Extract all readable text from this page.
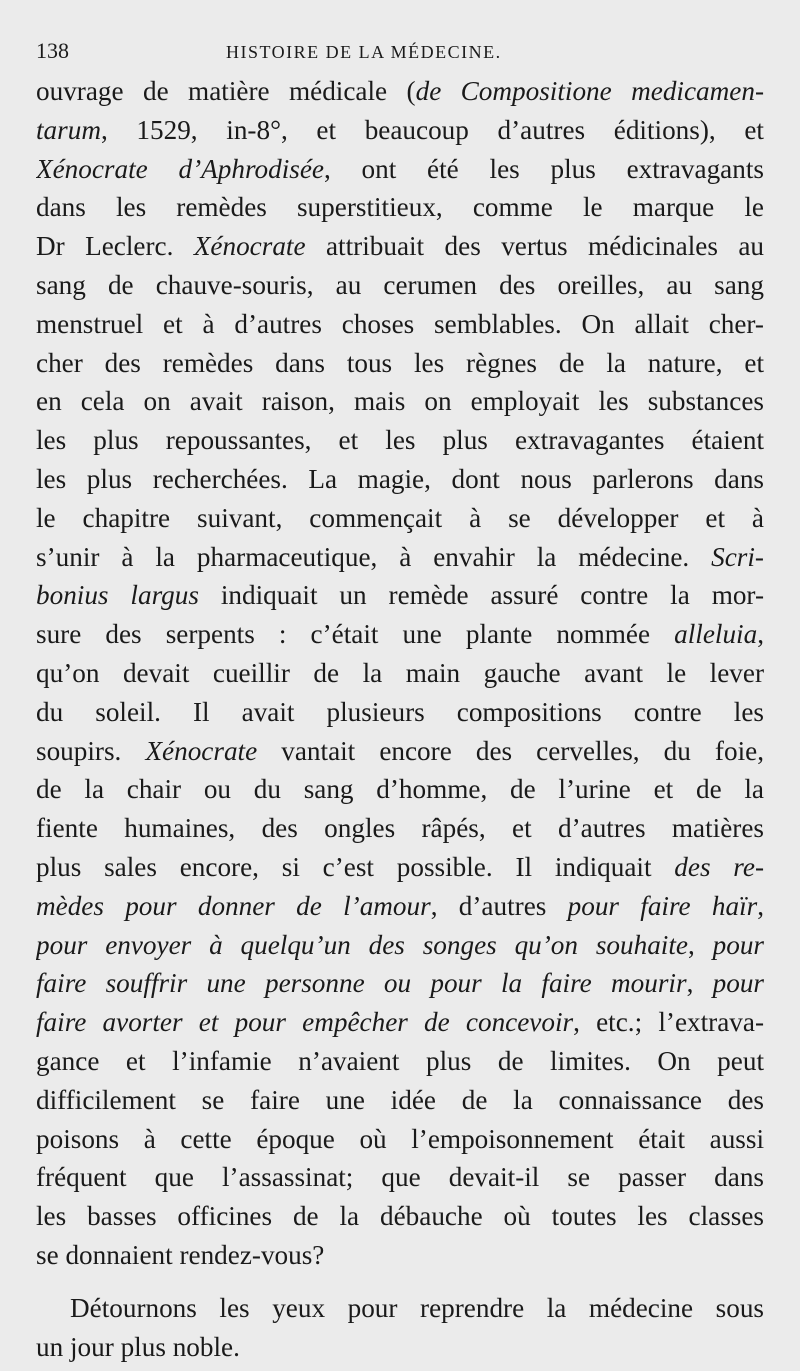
138	HISTOIRE DE LA MÉDECINE.
ouvrage de matière médicale (de Compositione medicamen-
tarum, 1529, in-8°, et beaucoup d’autres éditions), et
Xénocrate d’Aphrodisée, ont été les plus extravagants
dans les remèdes superstitieux, comme le marque le
Dr Leclerc. Xénocrate attribuait des vertus médicinales au
sang de chauve-souris, au cerumen des oreilles, au sang
menstruel et à d’autres choses semblables. On allait cher-
cher des remèdes dans tous les règnes de la nature, et
en cela on avait raison, mais on employait les substances
les plus repoussantes, et les plus extravagantes étaient
les plus recherchées. La magie, dont nous parlerons dans
le chapitre suivant, commençait à se développer et à
s’unir à la pharmaceutique, à envahir la médecine. Scri-
bonius largus indiquait un remède assuré contre la mor-
sure des serpents : c’était une plante nommée alleluia,
qu’on devait cueillir de la main gauche avant le lever
du soleil. Il avait plusieurs compositions contre les
soupirs. Xénocrate vantait encore des cervelles, du foie,
de la chair ou du sang d’homme, de l’urine et de la
fiente humaines, des ongles râpés, et d’autres matières
plus sales encore, si c’est possible. Il indiquait des re-
mèdes pour donner de l’amour, d’autres pour faire haïr,
pour envoyer à quelqu’un des songes qu’on souhaite, pour
faire souffrir une personne ou pour la faire mourir, pour
faire avorter et pour empêcher de concevoir, etc.; l’extrava-
gance et l’infamie n’avaient plus de limites. On peut
difficilement se faire une idée de la connaissance des
poisons à cette époque où l’empoisonnement était aussi
fréquent que l’assassinat; que devait-il se passer dans
les basses officines de la débauche où toutes les classes
se donnaient rendez-vous?
Détournons les yeux pour reprendre la médecine sous
un jour plus noble.
